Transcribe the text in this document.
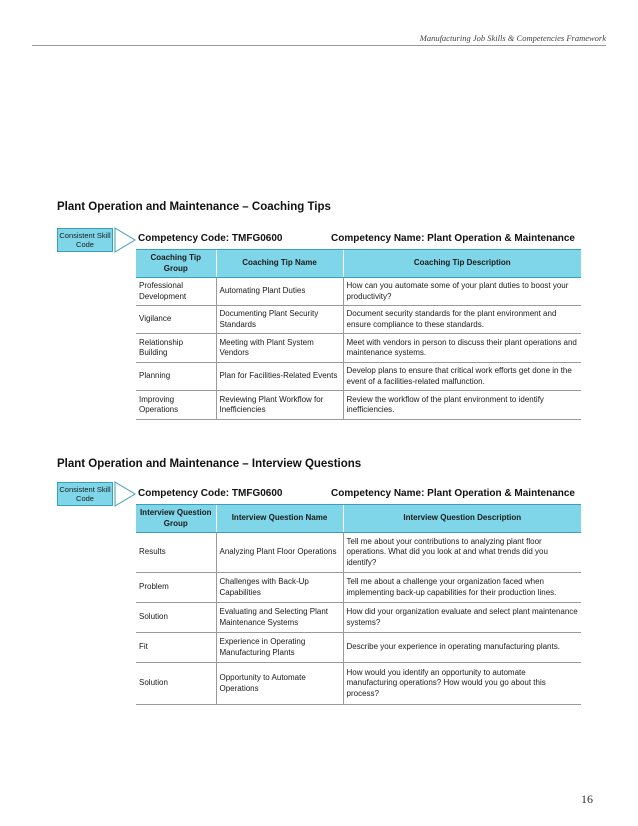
Manufacturing Job Skills & Competencies Framework
Plant Operation and Maintenance – Coaching Tips
Consistent Skill Code
Competency Code: TMFG0600	Competency Name: Plant Operation & Maintenance
Coaching Tip Group	Coaching Tip Name	Coaching Tip Description
Professional Development	Automating Plant Duties	How can you automate some of your plant duties to boost your productivity?
Vigilance	Documenting Plant Security Standards	Document security standards for the plant environment and ensure compliance to these standards.
Relationship Building	Meeting with Plant System Vendors	Meet with vendors in person to discuss their plant operations and maintenance systems.
Planning	Plan for Facilities-Related Events	Develop plans to ensure that critical work efforts get done in the event of a facilities-related malfunction.
Improving Operations	Reviewing Plant Workflow for Inefficiencies	Review the workflow of the plant environment to identify inefficiencies.
Plant Operation and Maintenance – Interview Questions
Consistent Skill Code	Competency Code: TMFG0600	Competency Name: Plant Operation & Maintenance
Interview Question Group	Interview Question Name	Interview Question Description
Results	Analyzing Plant Floor Operations	Tell me about your contributions to analyzing plant floor operations. What did you look at and what trends did you identify?
Problem	Challenges with Back-Up Capabilities	Tell me about a challenge your organization faced when implementing back-up capabilities for their production lines.
Solution	Evaluating and Selecting Plant Maintenance Systems	How did your organization evaluate and select plant maintenance systems?
Fit	Experience in Operating Manufacturing Plants	Describe your experience in operating manufacturing plants.
Solution	Opportunity to Automate Operations	How would you identify an opportunity to automate manufacturing operations? How would you go about this process?
16
